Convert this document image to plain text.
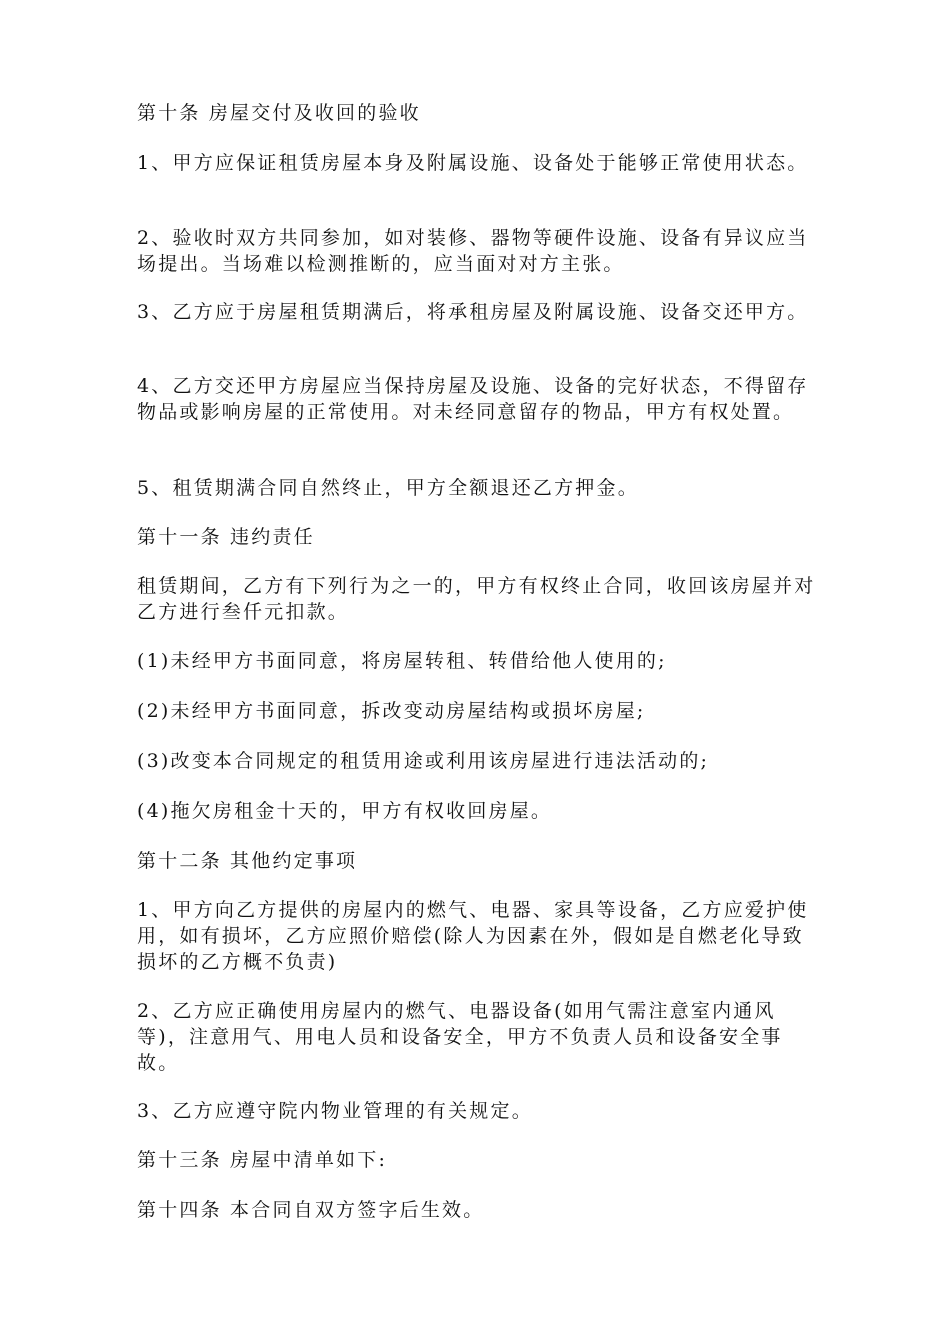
第十条 房屋交付及收回的验收

1、甲方应保证租赁房屋本身及附属设施、设备处于能够正常使用状态。

2、验收时双方共同参加，如对装修、器物等硬件设施、设备有异议应当场提出。当场难以检测推断的，应当面对对方主张。

3、乙方应于房屋租赁期满后，将承租房屋及附属设施、设备交还甲方。

4、乙方交还甲方房屋应当保持房屋及设施、设备的完好状态，不得留存物品或影响房屋的正常使用。对未经同意留存的物品，甲方有权处置。

5、租赁期满合同自然终止，甲方全额退还乙方押金。

第十一条 违约责任

租赁期间，乙方有下列行为之一的，甲方有权终止合同，收回该房屋并对乙方进行叁仟元扣款。

(1)未经甲方书面同意，将房屋转租、转借给他人使用的;

(2)未经甲方书面同意，拆改变动房屋结构或损坏房屋;

(3)改变本合同规定的租赁用途或利用该房屋进行违法活动的;

(4)拖欠房租金十天的，甲方有权收回房屋。

第十二条 其他约定事项

1、甲方向乙方提供的房屋内的燃气、电器、家具等设备，乙方应爱护使用，如有损坏，乙方应照价赔偿(除人为因素在外，假如是自燃老化导致损坏的乙方概不负责)

2、乙方应正确使用房屋内的燃气、电器设备(如用气需注意室内通风等)，注意用气、用电人员和设备安全，甲方不负责人员和设备安全事故。

3、乙方应遵守院内物业管理的有关规定。

第十三条 房屋中清单如下:

第十四条 本合同自双方签字后生效。
